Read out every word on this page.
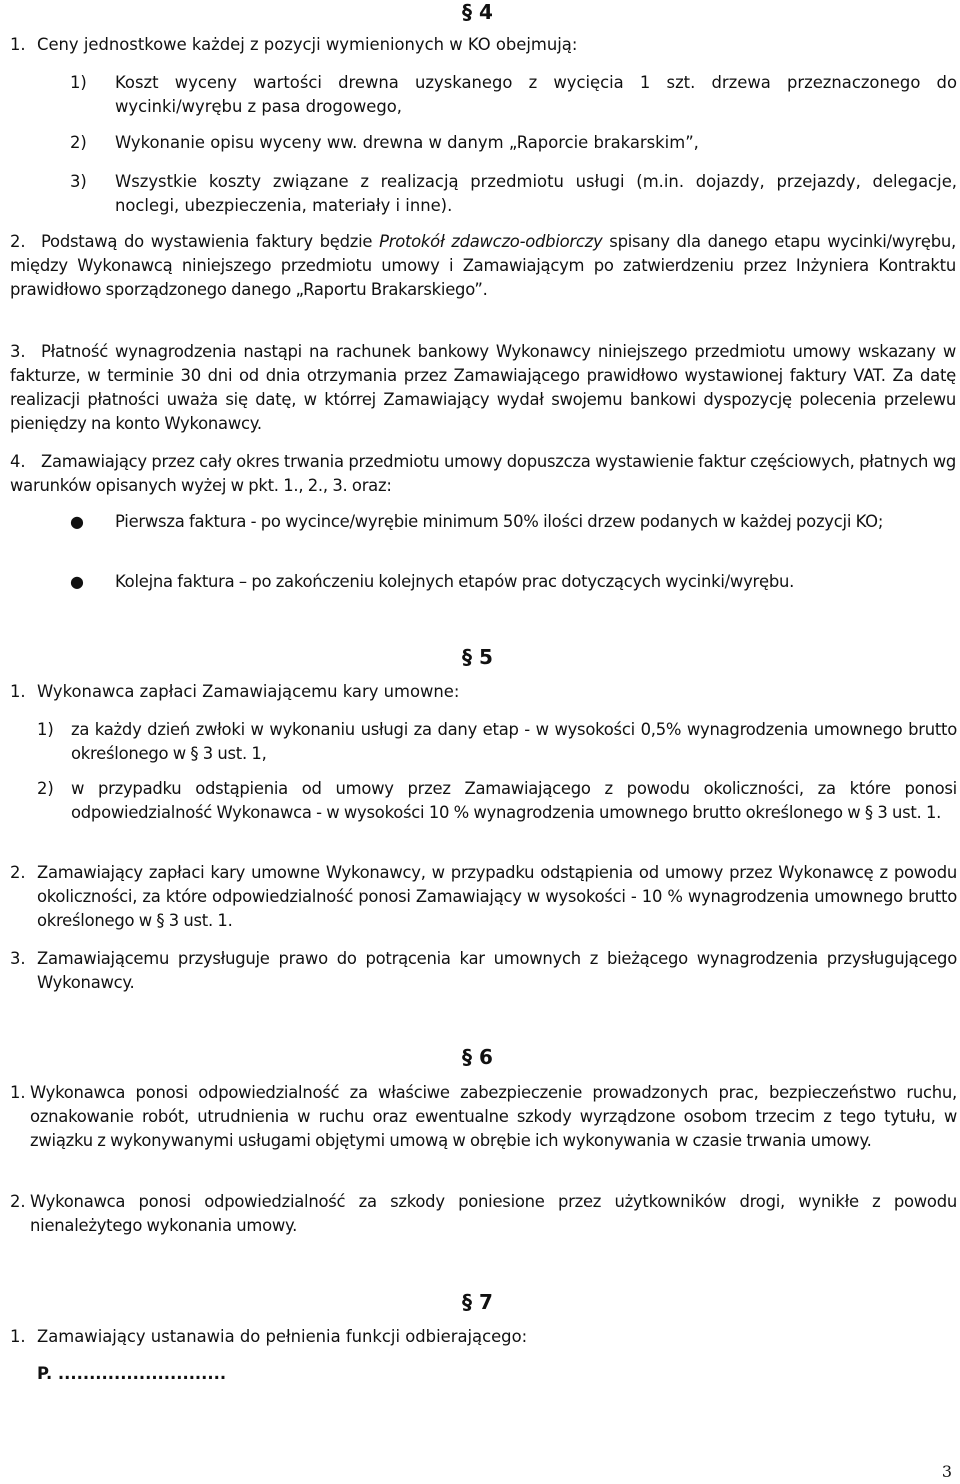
§ 4
1. Ceny jednostkowe każdej z pozycji wymienionych w KO obejmują:

1) Koszt wyceny wartości drewna uzyskanego z wycięcia 1 szt. drzewa przeznaczonego do wycinki/wyrębu z pasa drogowego,

2) Wykonanie opisu wyceny ww. drewna w danym „Raporcie brakarskim”,

3) Wszystkie koszty związane z realizacją przedmiotu usługi (m.in. dojazdy, przejazdy, delegacje, noclegi, ubezpieczenia, materiały i inne).

2. Podstawą do wystawienia faktury będzie Protokół zdawczo-odbiorczy spisany dla danego etapu wycinki/wyrębu, między Wykonawcą niniejszego przedmiotu umowy i Zamawiającym po zatwierdzeniu przez Inżyniera Kontraktu prawidłowo sporządzonego danego „Raportu Brakarskiego”.

3. Płatność wynagrodzenia nastąpi na rachunek bankowy Wykonawcy niniejszego przedmiotu umowy wskazany w fakturze, w terminie 30 dni od dnia otrzymania przez Zamawiającego prawidłowo wystawionej faktury VAT. Za datę realizacji płatności uważa się datę, w którrej Zamawiający wydał swojemu bankowi dyspozycję polecenia przelewu pieniędzy na konto Wykonawcy.

4. Zamawiający przez cały okres trwania przedmiotu umowy dopuszcza wystawienie faktur częściowych, płatnych wg warunków opisanych wyżej w pkt. 1., 2., 3. oraz:

● Pierwsza faktura - po wycince/wyrębie minimum 50% ilości drzew podanych w każdej pozycji KO;

● Kolejna faktura – po zakończeniu kolejnych etapów prac dotyczących wycinki/wyrębu.

§ 5
1. Wykonawca zapłaci Zamawiającemu kary umowne:

1) za każdy dzień zwłoki w wykonaniu usługi za dany etap - w wysokości 0,5% wynagrodzenia umownego brutto określonego w § 3 ust. 1,

2) w przypadku odstąpienia od umowy przez Zamawiającego z powodu okoliczności, za które ponosi odpowiedzialność Wykonawca - w wysokości 10 % wynagrodzenia umownego brutto określonego w § 3 ust. 1.

2. Zamawiający zapłaci kary umowne Wykonawcy, w przypadku odstąpienia od umowy przez Wykonawcę z powodu okoliczności, za które odpowiedzialność ponosi Zamawiający w wysokości - 10 % wynagrodzenia umownego brutto określonego w § 3 ust. 1.

3. Zamawiającemu przysługuje prawo do potrącenia kar umownych z bieżącego wynagrodzenia przysługującego Wykonawcy.

§ 6
1. Wykonawca ponosi odpowiedzialność za właściwe zabezpieczenie prowadzonych prac, bezpieczeństwo ruchu, oznakowanie robót, utrudnienia w ruchu oraz ewentualne szkody wyrządzone osobom trzecim z tego tytułu, w związku z wykonywanymi usługami objętymi umową w obrębie ich wykonywania w czasie trwania umowy.

2. Wykonawca ponosi odpowiedzialność za szkody poniesione przez użytkowników drogi, wynikłe z powodu nienależytego wykonania umowy.

§ 7
1. Zamawiający ustanawia do pełnienia funkcji odbierającego:

P. ...........................
3
